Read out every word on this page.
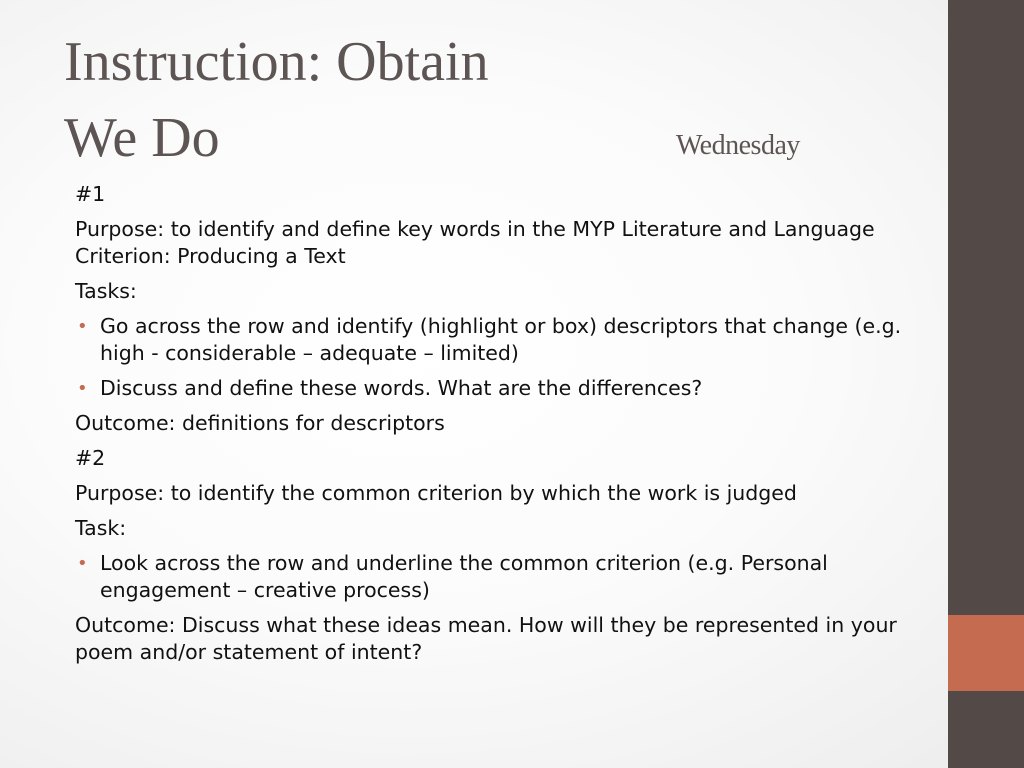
Instruction: Obtain
We Do	Wednesday

#1

Purpose: to identify and define key words in the MYP Literature and Language Criterion: Producing a Text

Tasks:

• Go across the row and identify (highlight or box) descriptors that change (e.g. high - considerable – adequate – limited)
• Discuss and define these words. What are the differences?

Outcome: definitions for descriptors

#2

Purpose: to identify the common criterion by which the work is judged

Task:

• Look across the row and underline the common criterion (e.g. Personal engagement – creative process)

Outcome: Discuss what these ideas mean. How will they be represented in your poem and/or statement of intent?
